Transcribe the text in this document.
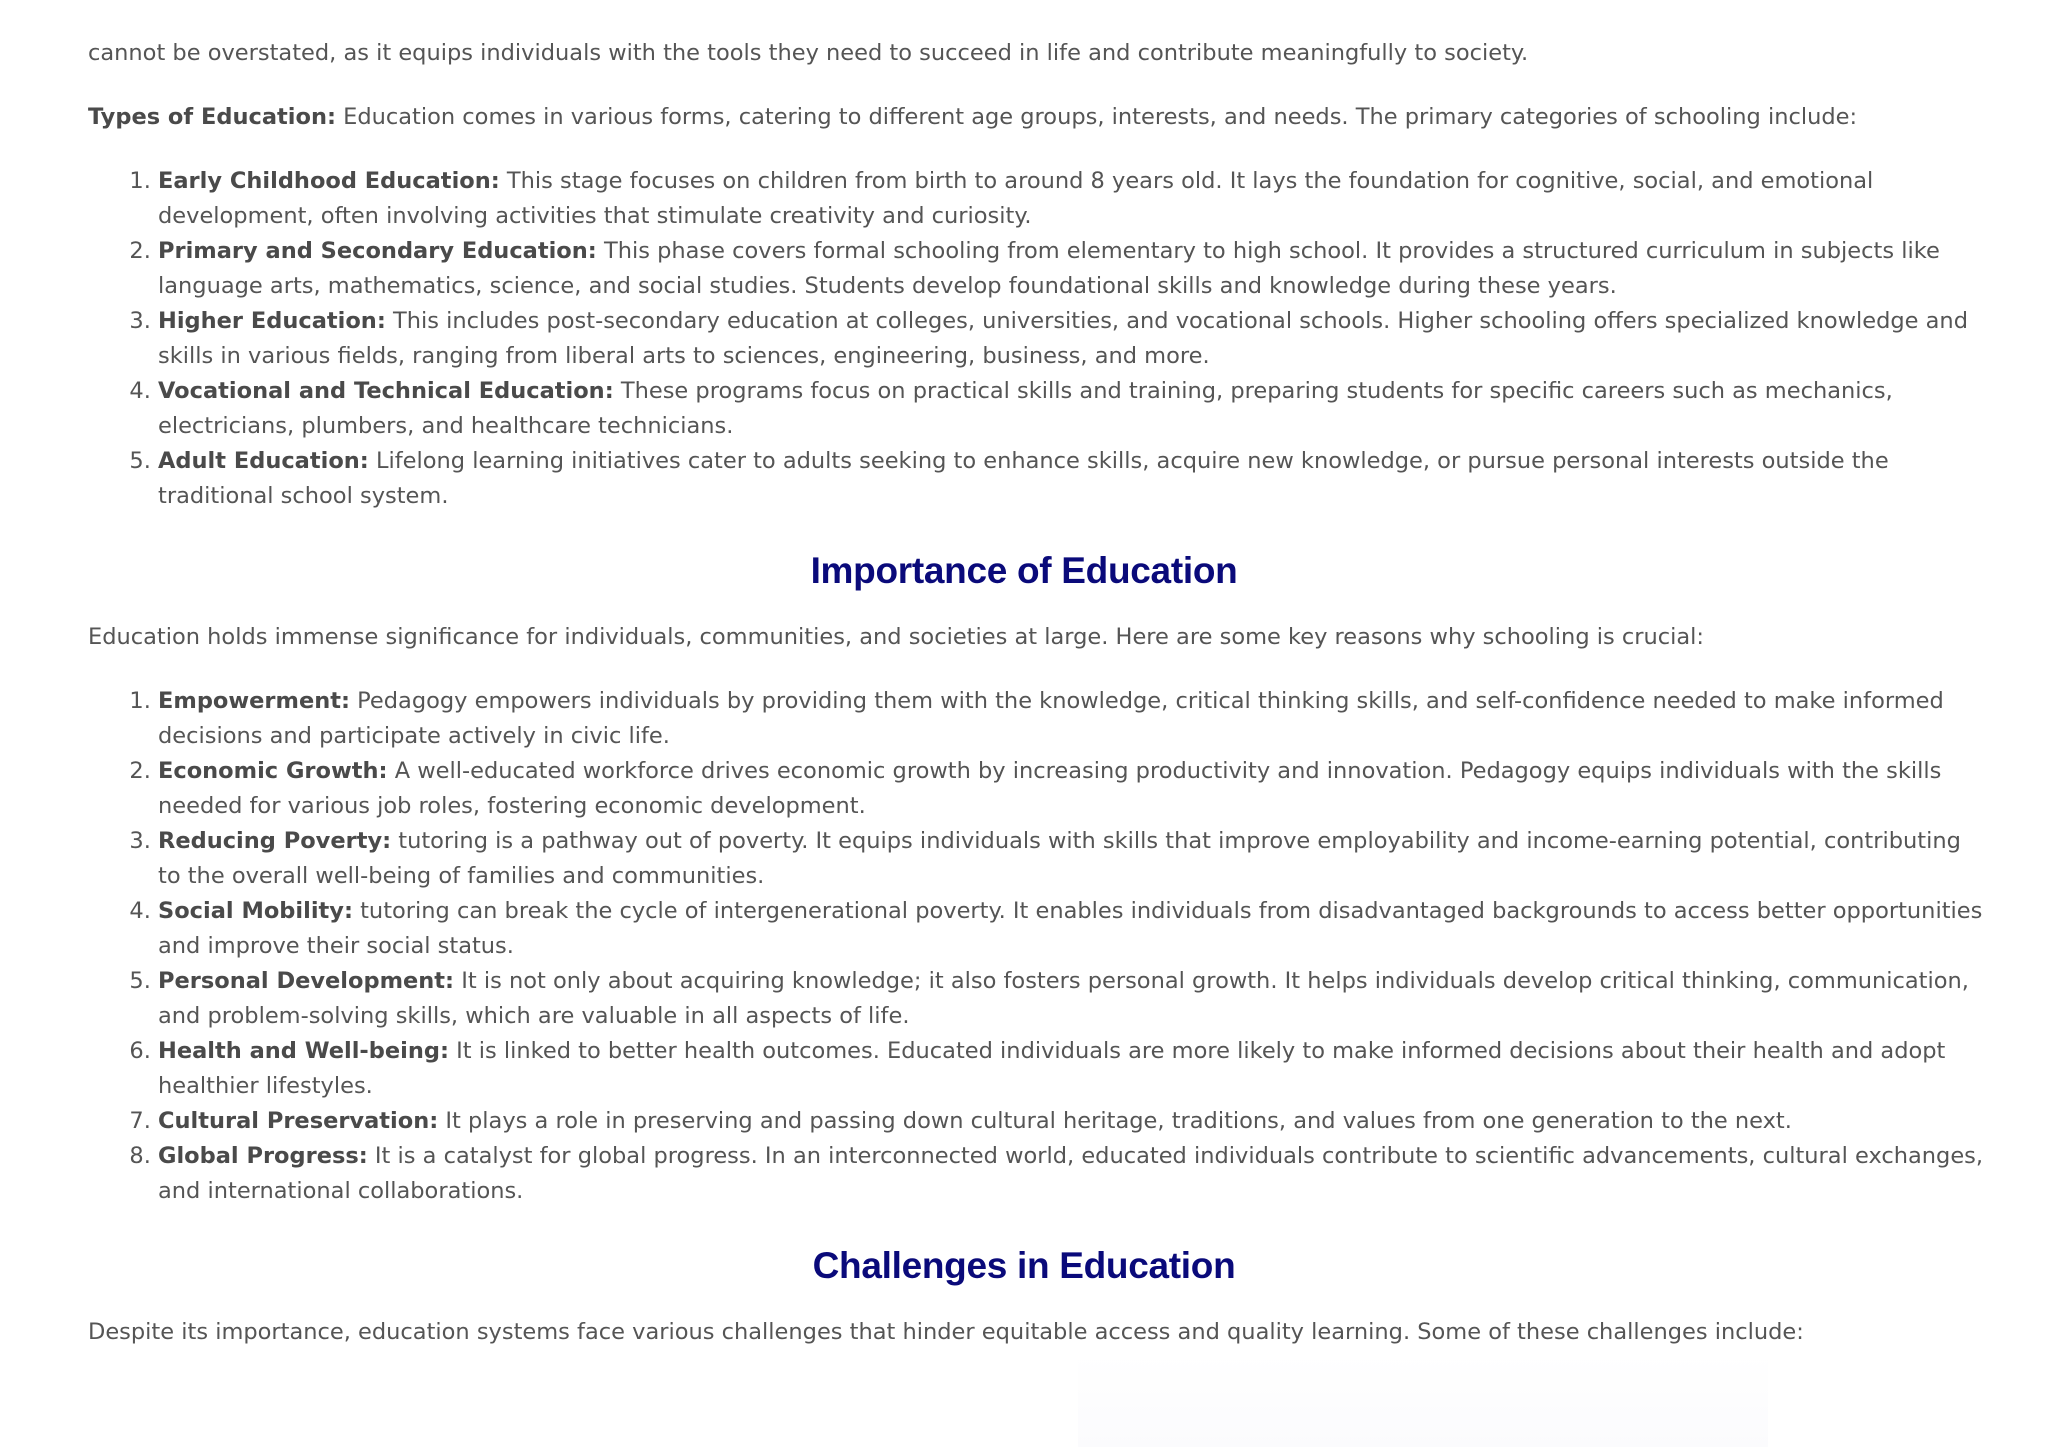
cannot be overstated, as it equips individuals with the tools they need to succeed in life and contribute meaningfully to society.

Types of Education: Education comes in various forms, catering to different age groups, interests, and needs. The primary categories of schooling include:

1. Early Childhood Education: This stage focuses on children from birth to around 8 years old. It lays the foundation for cognitive, social, and emotional development, often involving activities that stimulate creativity and curiosity.
2. Primary and Secondary Education: This phase covers formal schooling from elementary to high school. It provides a structured curriculum in subjects like language arts, mathematics, science, and social studies. Students develop foundational skills and knowledge during these years.
3. Higher Education: This includes post-secondary education at colleges, universities, and vocational schools. Higher schooling offers specialized knowledge and skills in various fields, ranging from liberal arts to sciences, engineering, business, and more.
4. Vocational and Technical Education: These programs focus on practical skills and training, preparing students for specific careers such as mechanics, electricians, plumbers, and healthcare technicians.
5. Adult Education: Lifelong learning initiatives cater to adults seeking to enhance skills, acquire new knowledge, or pursue personal interests outside the traditional school system.
Importance of Education

Education holds immense significance for individuals, communities, and societies at large. Here are some key reasons why schooling is crucial:

1. Empowerment: Pedagogy empowers individuals by providing them with the knowledge, critical thinking skills, and self-confidence needed to make informed decisions and participate actively in civic life.
2. Economic Growth: A well-educated workforce drives economic growth by increasing productivity and innovation. Pedagogy equips individuals with the skills needed for various job roles, fostering economic development.
3. Reducing Poverty: tutoring is a pathway out of poverty. It equips individuals with skills that improve employability and income-earning potential, contributing to the overall well-being of families and communities.
4. Social Mobility: tutoring can break the cycle of intergenerational poverty. It enables individuals from disadvantaged backgrounds to access better opportunities and improve their social status.
5. Personal Development: It is not only about acquiring knowledge; it also fosters personal growth. It helps individuals develop critical thinking, communication, and problem-solving skills, which are valuable in all aspects of life.
6. Health and Well-being: It is linked to better health outcomes. Educated individuals are more likely to make informed decisions about their health and adopt healthier lifestyles.
7. Cultural Preservation: It plays a role in preserving and passing down cultural heritage, traditions, and values from one generation to the next.
8. Global Progress: It is a catalyst for global progress. In an interconnected world, educated individuals contribute to scientific advancements, cultural exchanges, and international collaborations.
Challenges in Education

Despite its importance, education systems face various challenges that hinder equitable access and quality learning. Some of these challenges include:
